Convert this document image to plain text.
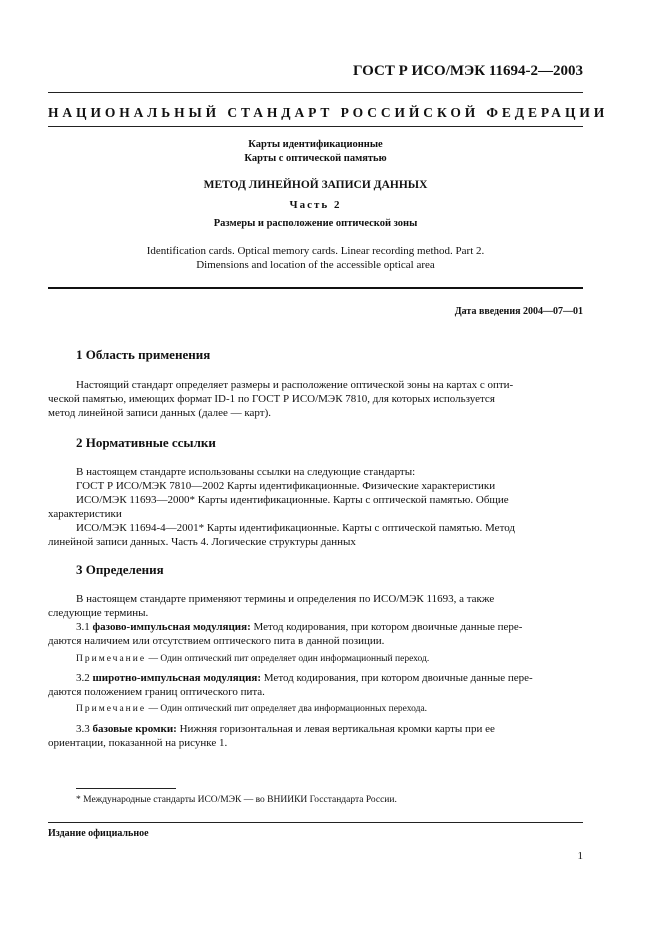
ГОСТ Р ИСО/МЭК 11694-2—2003
НАЦИОНАЛЬНЫЙ СТАНДАРТ РОССИЙСКОЙ ФЕДЕРАЦИИ
Карты идентификационные
Карты с оптической памятью
МЕТОД ЛИНЕЙНОЙ ЗАПИСИ ДАННЫХ
Часть 2
Размеры и расположение оптической зоны
Identification cards. Optical memory cards. Linear recording method. Part 2.
Dimensions and location of the accessible optical area
Дата введения 2004—07—01
1 Область применения
Настоящий стандарт определяет размеры и расположение оптической зоны на картах с опти-
ческой памятью, имеющих формат ID-1 по ГОСТ Р ИСО/МЭК 7810, для которых используется
метод линейной записи данных (далее — карт).
2 Нормативные ссылки
В настоящем стандарте использованы ссылки на следующие стандарты:
ГОСТ Р ИСО/МЭК 7810—2002 Карты идентификационные. Физические характеристики
ИСО/МЭК 11693—2000* Карты идентификационные. Карты с оптической памятью. Общие
характеристики
ИСО/МЭК 11694-4—2001* Карты идентификационные. Карты с оптической памятью. Метод
линейной записи данных. Часть 4. Логические структуры данных
3 Определения
В настоящем стандарте применяют термины и определения по ИСО/МЭК 11693, а также
следующие термины.
3.1 фазово-импульсная модуляция: Метод кодирования, при котором двоичные данные пере-
даются наличием или отсутствием оптического пита в данной позиции.
Примечание — Один оптический пит определяет один информационный переход.
3.2 широтно-импульсная модуляция: Метод кодирования, при котором двоичные данные пере-
даются положением границ оптического пита.
Примечание — Один оптический пит определяет два информационных перехода.
3.3 базовые кромки: Нижняя горизонтальная и левая вертикальная кромки карты при ее
ориентации, показанной на рисунке 1.
* Международные стандарты ИСО/МЭК — во ВНИИКИ Госстандарта России.
Издание официальное
1
